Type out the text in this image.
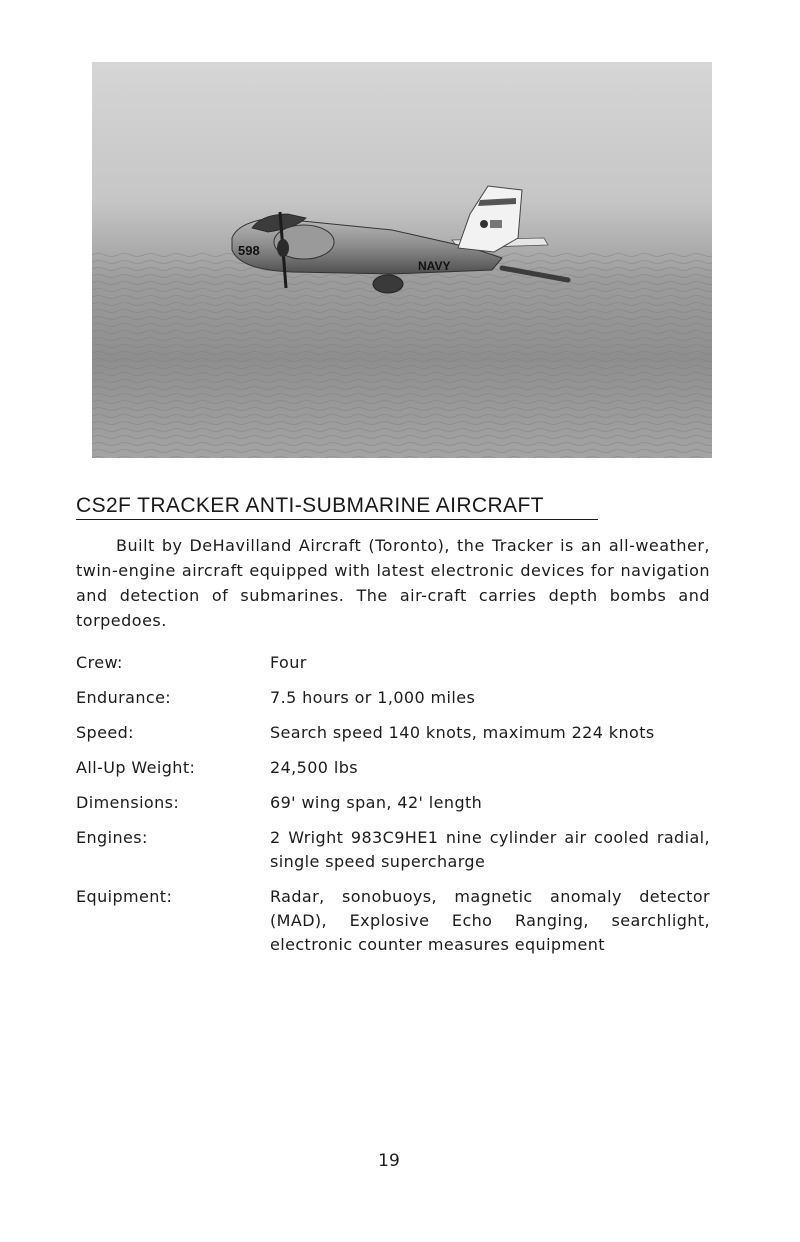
598
NAVY
CS2F TRACKER ANTI-SUBMARINE AIRCRAFT

Built by DeHavilland Aircraft (Toronto), the Tracker is an all-weather, twin-engine aircraft equipped with latest electronic devices for navigation and detection of submarines. The air-craft carries depth bombs and torpedoes.

Crew:	Four
Endurance:	7.5 hours or 1,000 miles
Speed:	Search speed 140 knots, maximum 224 knots
All-Up Weight:	24,500 lbs
Dimensions:	69' wing span, 42' length
Engines:	2 Wright 983C9HE1 nine cylinder air cooled radial, single speed supercharge
Equipment:	Radar, sonobuoys, magnetic anomaly detector (MAD), Explosive Echo Ranging, searchlight, electronic counter measures equipment
19
